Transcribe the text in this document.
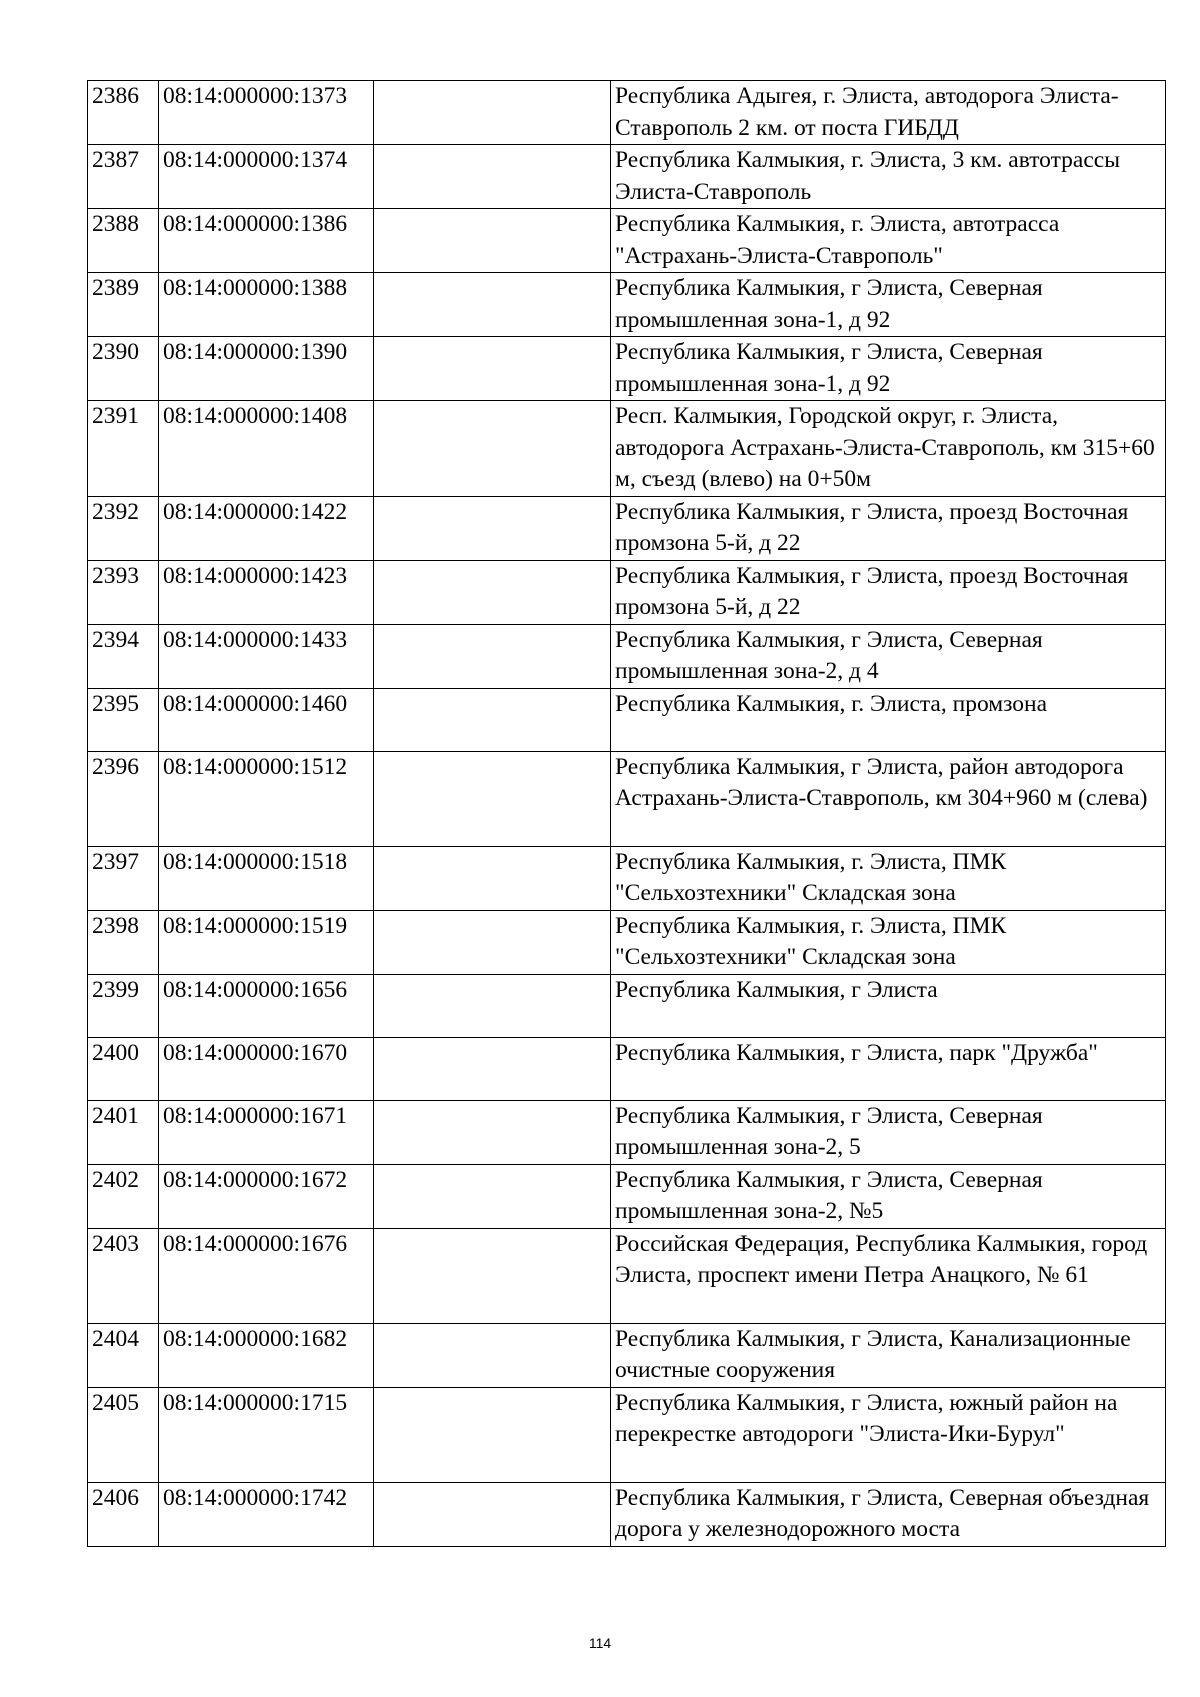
2386	08:14:000000:1373		Республика Адыгея, г. Элиста, автодорога Элиста-Ставрополь 2 км. от поста ГИБДД
2387	08:14:000000:1374		Республика Калмыкия, г. Элиста, 3 км. автотрассы Элиста-Ставрополь
2388	08:14:000000:1386		Республика Калмыкия, г. Элиста, автотрасса "Астрахань-Элиста-Ставрополь"
2389	08:14:000000:1388		Республика Калмыкия, г Элиста, Северная промышленная зона-1, д 92
2390	08:14:000000:1390		Республика Калмыкия, г Элиста, Северная промышленная зона-1, д 92
2391	08:14:000000:1408		Респ. Калмыкия, Городской округ, г. Элиста, автодорога Астрахань-Элиста-Ставрополь, км 315+60 м, съезд (влево) на 0+50м
2392	08:14:000000:1422		Республика Калмыкия, г Элиста, проезд Восточная промзона 5-й, д 22
2393	08:14:000000:1423		Республика Калмыкия, г Элиста, проезд Восточная промзона 5-й, д 22
2394	08:14:000000:1433		Республика Калмыкия, г Элиста, Северная промышленная зона-2, д 4
2395	08:14:000000:1460		Республика Калмыкия, г. Элиста, промзона
2396	08:14:000000:1512		Республика Калмыкия, г Элиста, район автодорога Астрахань-Элиста-Ставрополь, км 304+960 м (слева)
2397	08:14:000000:1518		Республика Калмыкия, г. Элиста, ПМК "Сельхозтехники" Складская зона
2398	08:14:000000:1519		Республика Калмыкия, г. Элиста, ПМК "Сельхозтехники" Складская зона
2399	08:14:000000:1656		Республика Калмыкия, г Элиста
2400	08:14:000000:1670		Республика Калмыкия, г Элиста, парк "Дружба"
2401	08:14:000000:1671		Республика Калмыкия, г Элиста, Северная промышленная зона-2, 5
2402	08:14:000000:1672		Республика Калмыкия, г Элиста, Северная промышленная зона-2, №5
2403	08:14:000000:1676		Российская Федерация, Республика Калмыкия, город Элиста, проспект имени Петра Анацкого, № 61
2404	08:14:000000:1682		Республика Калмыкия, г Элиста, Канализационные очистные сооружения
2405	08:14:000000:1715		Республика Калмыкия, г Элиста, южный район на перекрестке автодороги "Элиста-Ики-Бурул"
2406	08:14:000000:1742		Республика Калмыкия, г Элиста, Северная объездная дорога у железнодорожного моста
114
